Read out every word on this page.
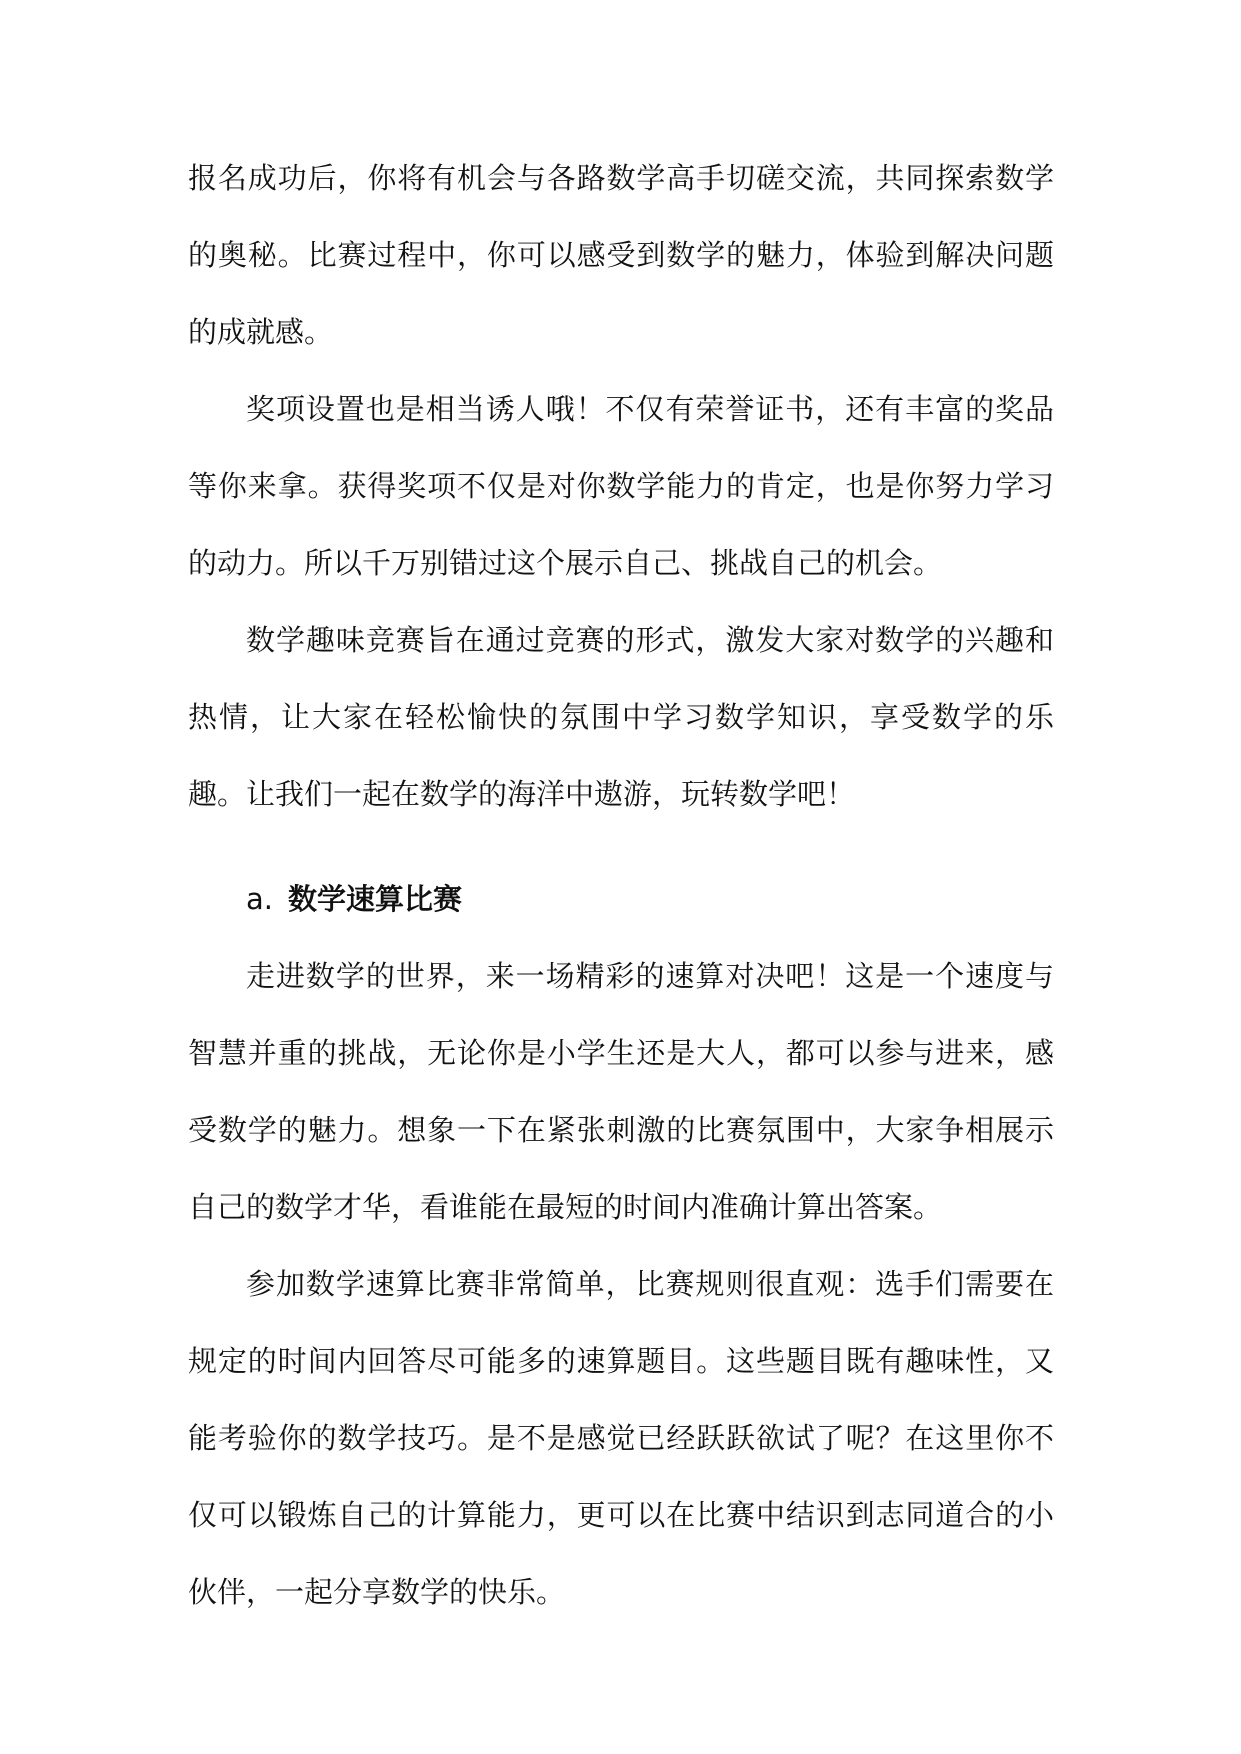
报名成功后，你将有机会与各路数学高手切磋交流，共同探索数学的奥秘。比赛过程中，你可以感受到数学的魅力，体验到解决问题的成就感。

奖项设置也是相当诱人哦！不仅有荣誉证书，还有丰富的奖品等你来拿。获得奖项不仅是对你数学能力的肯定，也是你努力学习的动力。所以千万别错过这个展示自己、挑战自己的机会。

数学趣味竞赛旨在通过竞赛的形式，激发大家对数学的兴趣和热情，让大家在轻松愉快的氛围中学习数学知识，享受数学的乐趣。让我们一起在数学的海洋中遨游，玩转数学吧！

a. 数学速算比赛

走进数学的世界，来一场精彩的速算对决吧！这是一个速度与智慧并重的挑战，无论你是小学生还是大人，都可以参与进来，感受数学的魅力。想象一下在紧张刺激的比赛氛围中，大家争相展示自己的数学才华，看谁能在最短的时间内准确计算出答案。

参加数学速算比赛非常简单，比赛规则很直观：选手们需要在规定的时间内回答尽可能多的速算题目。这些题目既有趣味性，又能考验你的数学技巧。是不是感觉已经跃跃欲试了呢？在这里你不仅可以锻炼自己的计算能力，更可以在比赛中结识到志同道合的小伙伴，一起分享数学的快乐。
